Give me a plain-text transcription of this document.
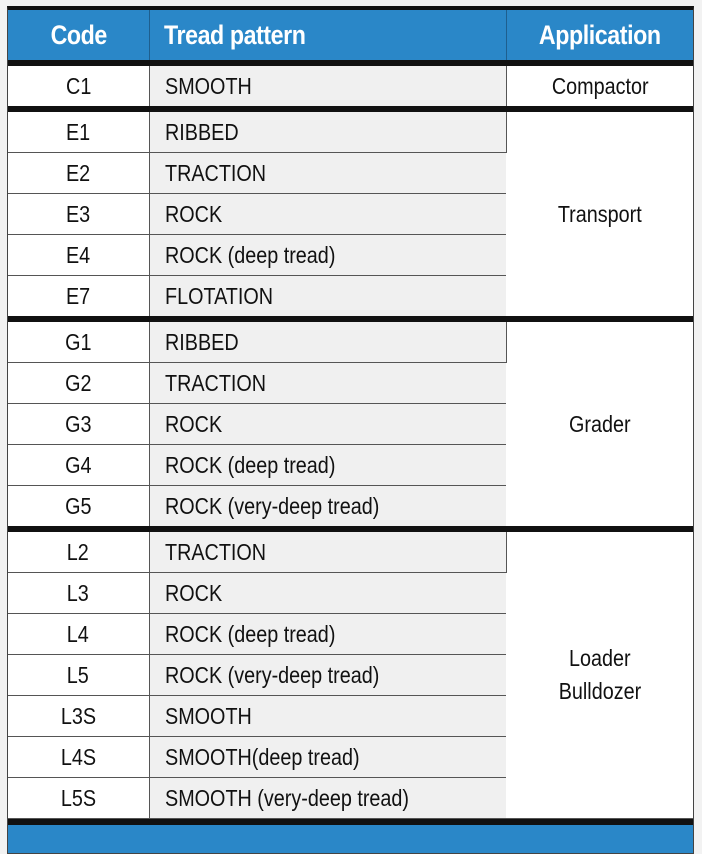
Code	Tread pattern	Application
C1	SMOOTH	Compactor

E1	RIBBED	Transport

E2	TRACTION	
E3	ROCK	
E4	ROCK (deep tread)	
E7	FLOTATION	
G1	RIBBED	Grader

G2	TRACTION	
G3	ROCK	
G4	ROCK (deep tread)	
G5	ROCK (very-deep tread)	
L2	TRACTION	Loader
Bulldozer

L3	ROCK	
L4	ROCK (deep tread)	
L5	ROCK (very-deep tread)	
L3S	SMOOTH	
L4S	SMOOTH(deep tread)	
L5S	SMOOTH (very-deep tread)	
